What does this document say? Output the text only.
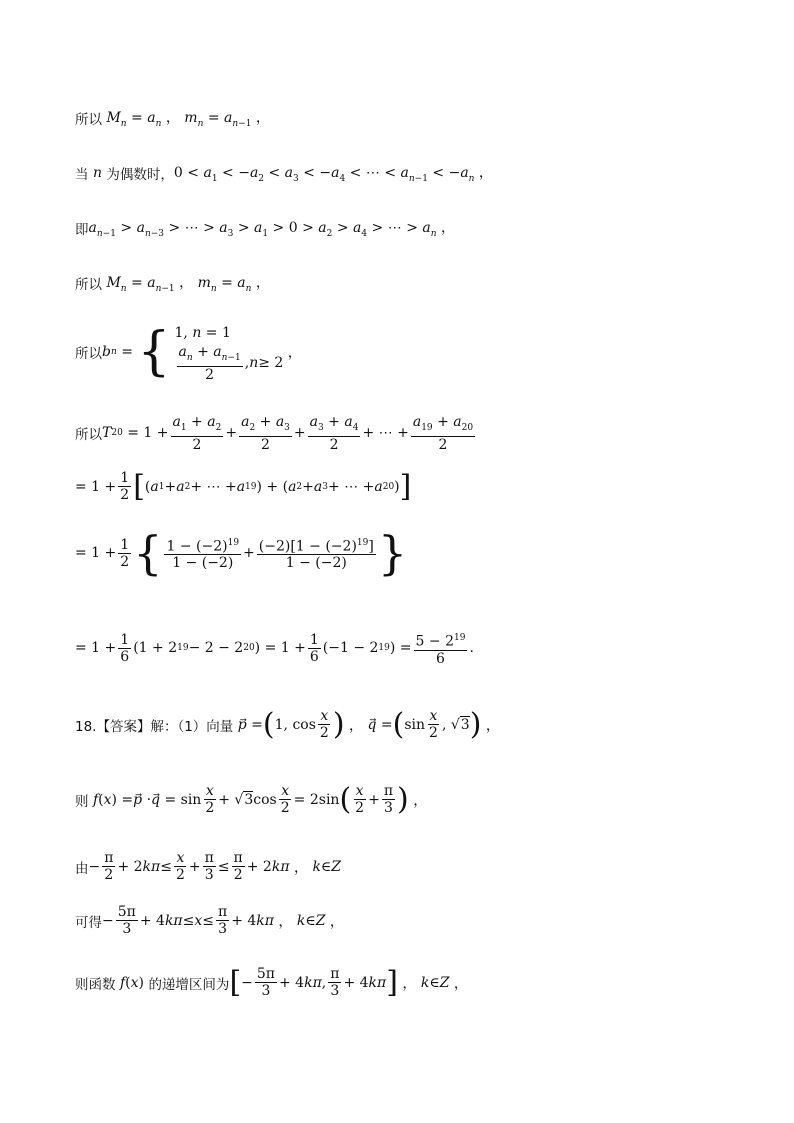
所以 $M_n = a_n$ ， $m_n = a_{n-1}$ ，
当 n 为偶数时， $0 < a_1 < -a_2 < a_3 < -a_4$ < ⋯ < $a_{n-1} < -a_n$ ，
即 $a_{n-1} > a_{n-3}$ > ⋯ > $a_3 > a_1 > 0 > a_2 > a_4$ > ⋯ > $a_n$ ，
所以 $M_n = a_{n-1}$ ， $m_n = a_n$ ，
所以 b n = { 1, n = 1
$\frac{a_n + a_{n-1}}{2}$ , n ≥ 2
，
所以 T $20 = 1 + \frac{a_1 + a_2}{2} + \frac{a_2 + a_3}{2} + \frac{a_3 + a_4}{2}$ + ⋯ + $\frac{a_{19} + a_{20}}{2}$
= $1 + \frac{1}{2}$ [ ( a 1 + a 2 + ⋯ + a 19 ) + ( a 2 + a 3 + ⋯ + a 20 ) ]
= $1 + \frac{1}{2}$ { $\frac{1 - (-2)^{19}}{1 - (-2)} + \frac{(-2)[1 - (-2)^{19}]}{1 - (-2)}$ }
= $1 + \frac{1}{6} (1 + 2$ 19 − 2 − 2 20 ) = $1 + \frac{1}{6} (-1 - 2$ 19 ) = $\frac{5 - 2^{19}}{6}$ .
18.【答案】解：（1）向量
p ⃗ = ( 1, $\cos \frac{x}{2}$ ) ， q ⃗ = ( $\sin \frac{x}{2}$ , √ 3 ) ，
则
f ( x ) = p ⃗ · q ⃗ = $\sin \frac{x}{2}$ + √ 3 $\cos \frac{x}{2} = 2\sin$ ( $\frac{x}{2} + \frac{\pi}{3}$ ) ，
由 − $\frac{\pi}{2} + 2$ $k\pi \le \frac{x}{2} + \frac{\pi}{3} \le \frac{\pi}{2} + 2$ kπ ， k ∈ Z
可得 − $\frac{5\pi}{3} + 4$ $k\pi \le x \le \frac{\pi}{3} + 4$ kπ ， k ∈ Z ，
则函数 f(x) 的递增区间为 [ − $\frac{5\pi}{3} + 4$ kπ , $\frac{\pi}{3} + 4$ kπ ] ， k ∈ Z ，
